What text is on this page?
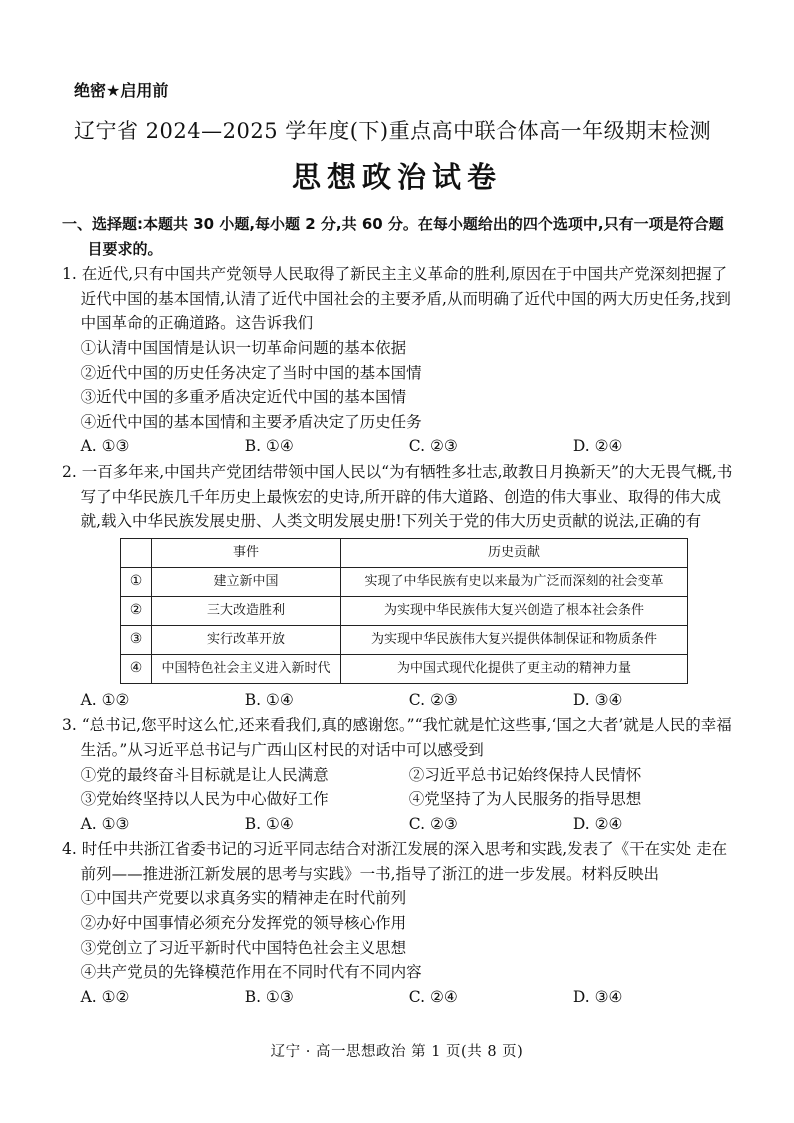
绝密★启用前
辽宁省 2024—2025 学年度(下)重点高中联合体高一年级期末检测
思想政治试卷
一、选择题:本题共 30 小题,每小题 2 分,共 60 分。在每小题给出的四个选项中,只有一项是符合题目要求的。
1. 在近代,只有中国共产党领导人民取得了新民主主义革命的胜利,原因在于中国共产党深刻把握了近代中国的基本国情,认清了近代中国社会的主要矛盾,从而明确了近代中国的两大历史任务,找到中国革命的正确道路。这告诉我们
①认清中国国情是认识一切革命问题的基本依据
②近代中国的历史任务决定了当时中国的基本国情
③近代中国的多重矛盾决定近代中国的基本国情
④近代中国的基本国情和主要矛盾决定了历史任务
A. ①③	B. ①④	C. ②③	D. ②④
2. 一百多年来,中国共产党团结带领中国人民以“为有牺牲多壮志,敢教日月换新天”的大无畏气概,书写了中华民族几千年历史上最恢宏的史诗,所开辟的伟大道路、创造的伟大事业、取得的伟大成就,载入中华民族发展史册、人类文明发展史册!下列关于党的伟大历史贡献的说法,正确的有
	事件	历史贡献
①	建立新中国	实现了中华民族有史以来最为广泛而深刻的社会变革
②	三大改造胜利	为实现中华民族伟大复兴创造了根本社会条件
③	实行改革开放	为实现中华民族伟大复兴提供体制保证和物质条件
④	中国特色社会主义进入新时代	为中国式现代化提供了更主动的精神力量
A. ①②	B. ①④	C. ②③	D. ③④
3. “总书记,您平时这么忙,还来看我们,真的感谢您。”“我忙就是忙这些事,‘国之大者’就是人民的幸福生活。”从习近平总书记与广西山区村民的对话中可以感受到
①党的最终奋斗目标就是让人民满意	②习近平总书记始终保持人民情怀
③党始终坚持以人民为中心做好工作	④党坚持了为人民服务的指导思想
A. ①③	B. ①④	C. ②③	D. ②④
4. 时任中共浙江省委书记的习近平同志结合对浙江发展的深入思考和实践,发表了《干在实处 走在前列——推进浙江新发展的思考与实践》一书,指导了浙江的进一步发展。材料反映出
①中国共产党要以求真务实的精神走在时代前列
②办好中国事情必须充分发挥党的领导核心作用
③党创立了习近平新时代中国特色社会主义思想
④共产党员的先锋模范作用在不同时代有不同内容
A. ①②	B. ①③	C. ②④	D. ③④
辽宁 · 高一思想政治 第 1 页(共 8 页)
